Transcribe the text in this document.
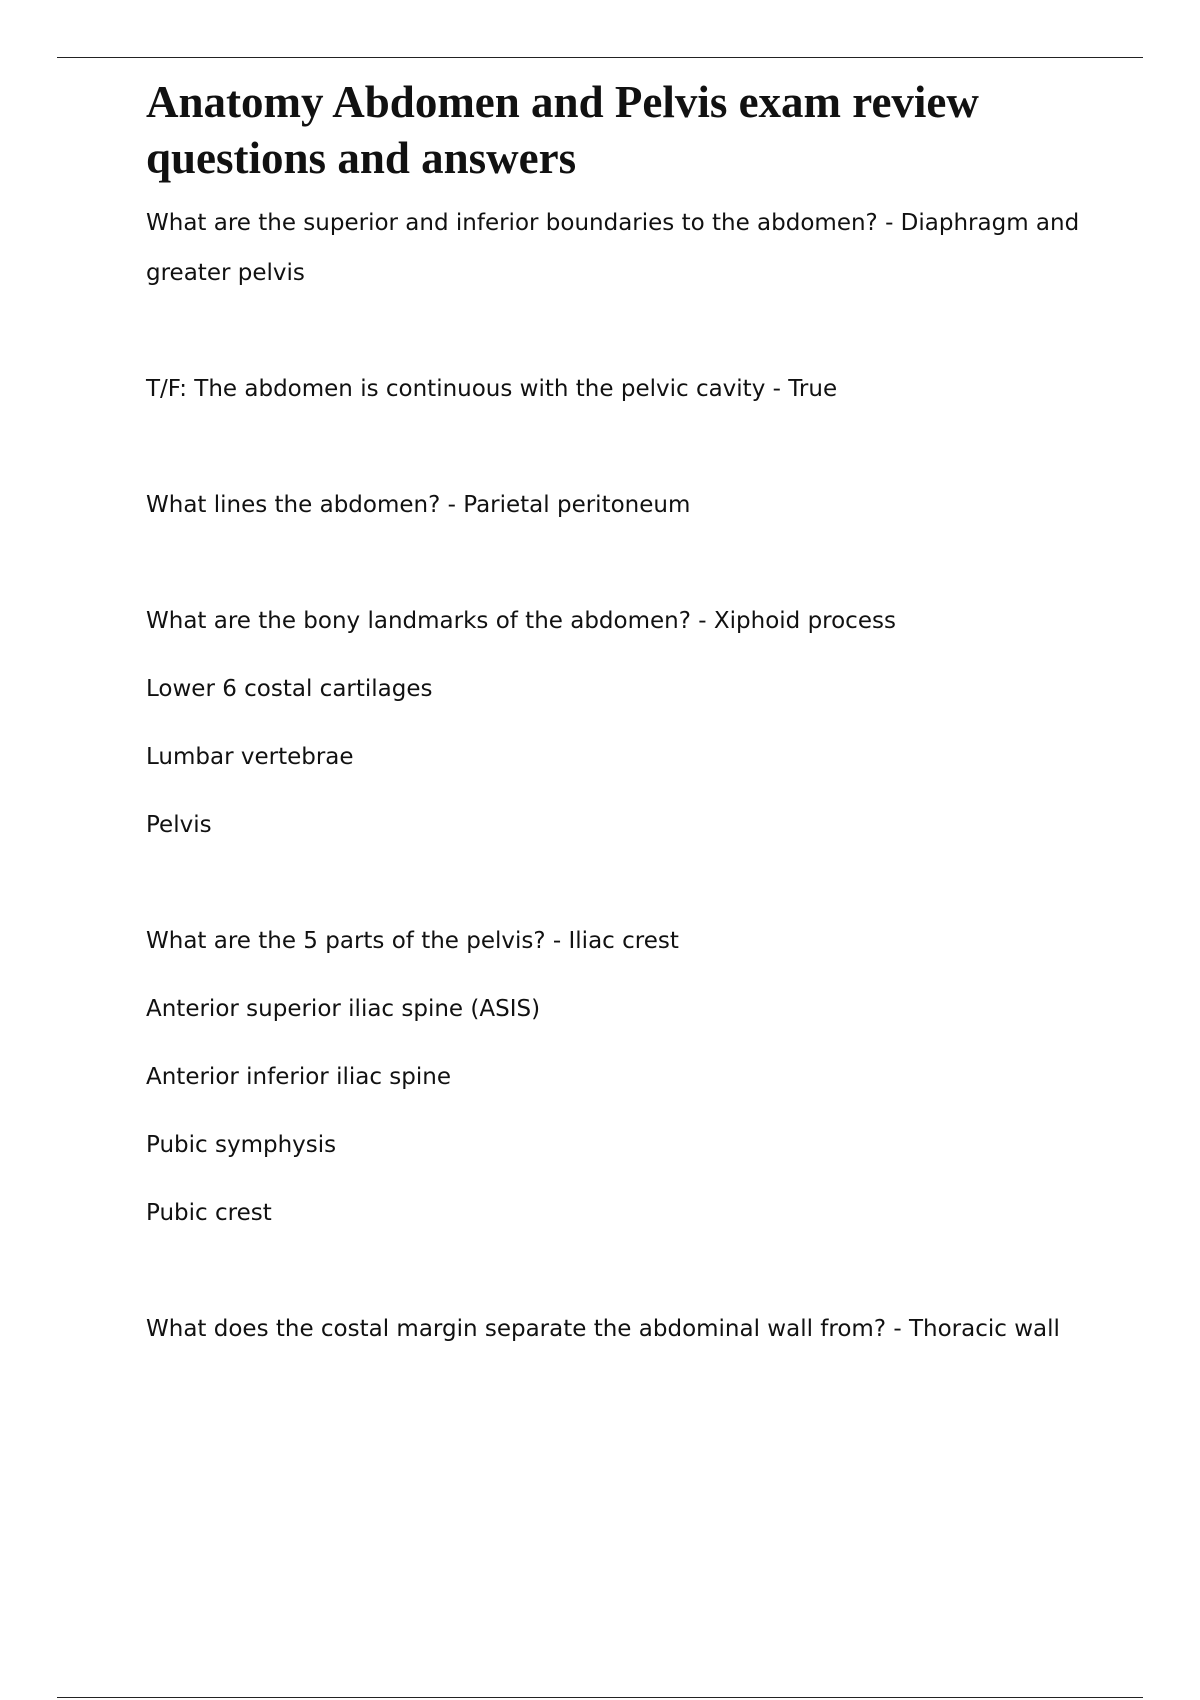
Anatomy Abdomen and Pelvis exam review questions and answers
What are the superior and inferior boundaries to the abdomen? - Diaphragm and greater pelvis
T/F: The abdomen is continuous with the pelvic cavity - True
What lines the abdomen? - Parietal peritoneum
What are the bony landmarks of the abdomen? - Xiphoid process
Lower 6 costal cartilages
Lumbar vertebrae
Pelvis
What are the 5 parts of the pelvis? - Iliac crest
Anterior superior iliac spine (ASIS)
Anterior inferior iliac spine
Pubic symphysis
Pubic crest
What does the costal margin separate the abdominal wall from? - Thoracic wall
